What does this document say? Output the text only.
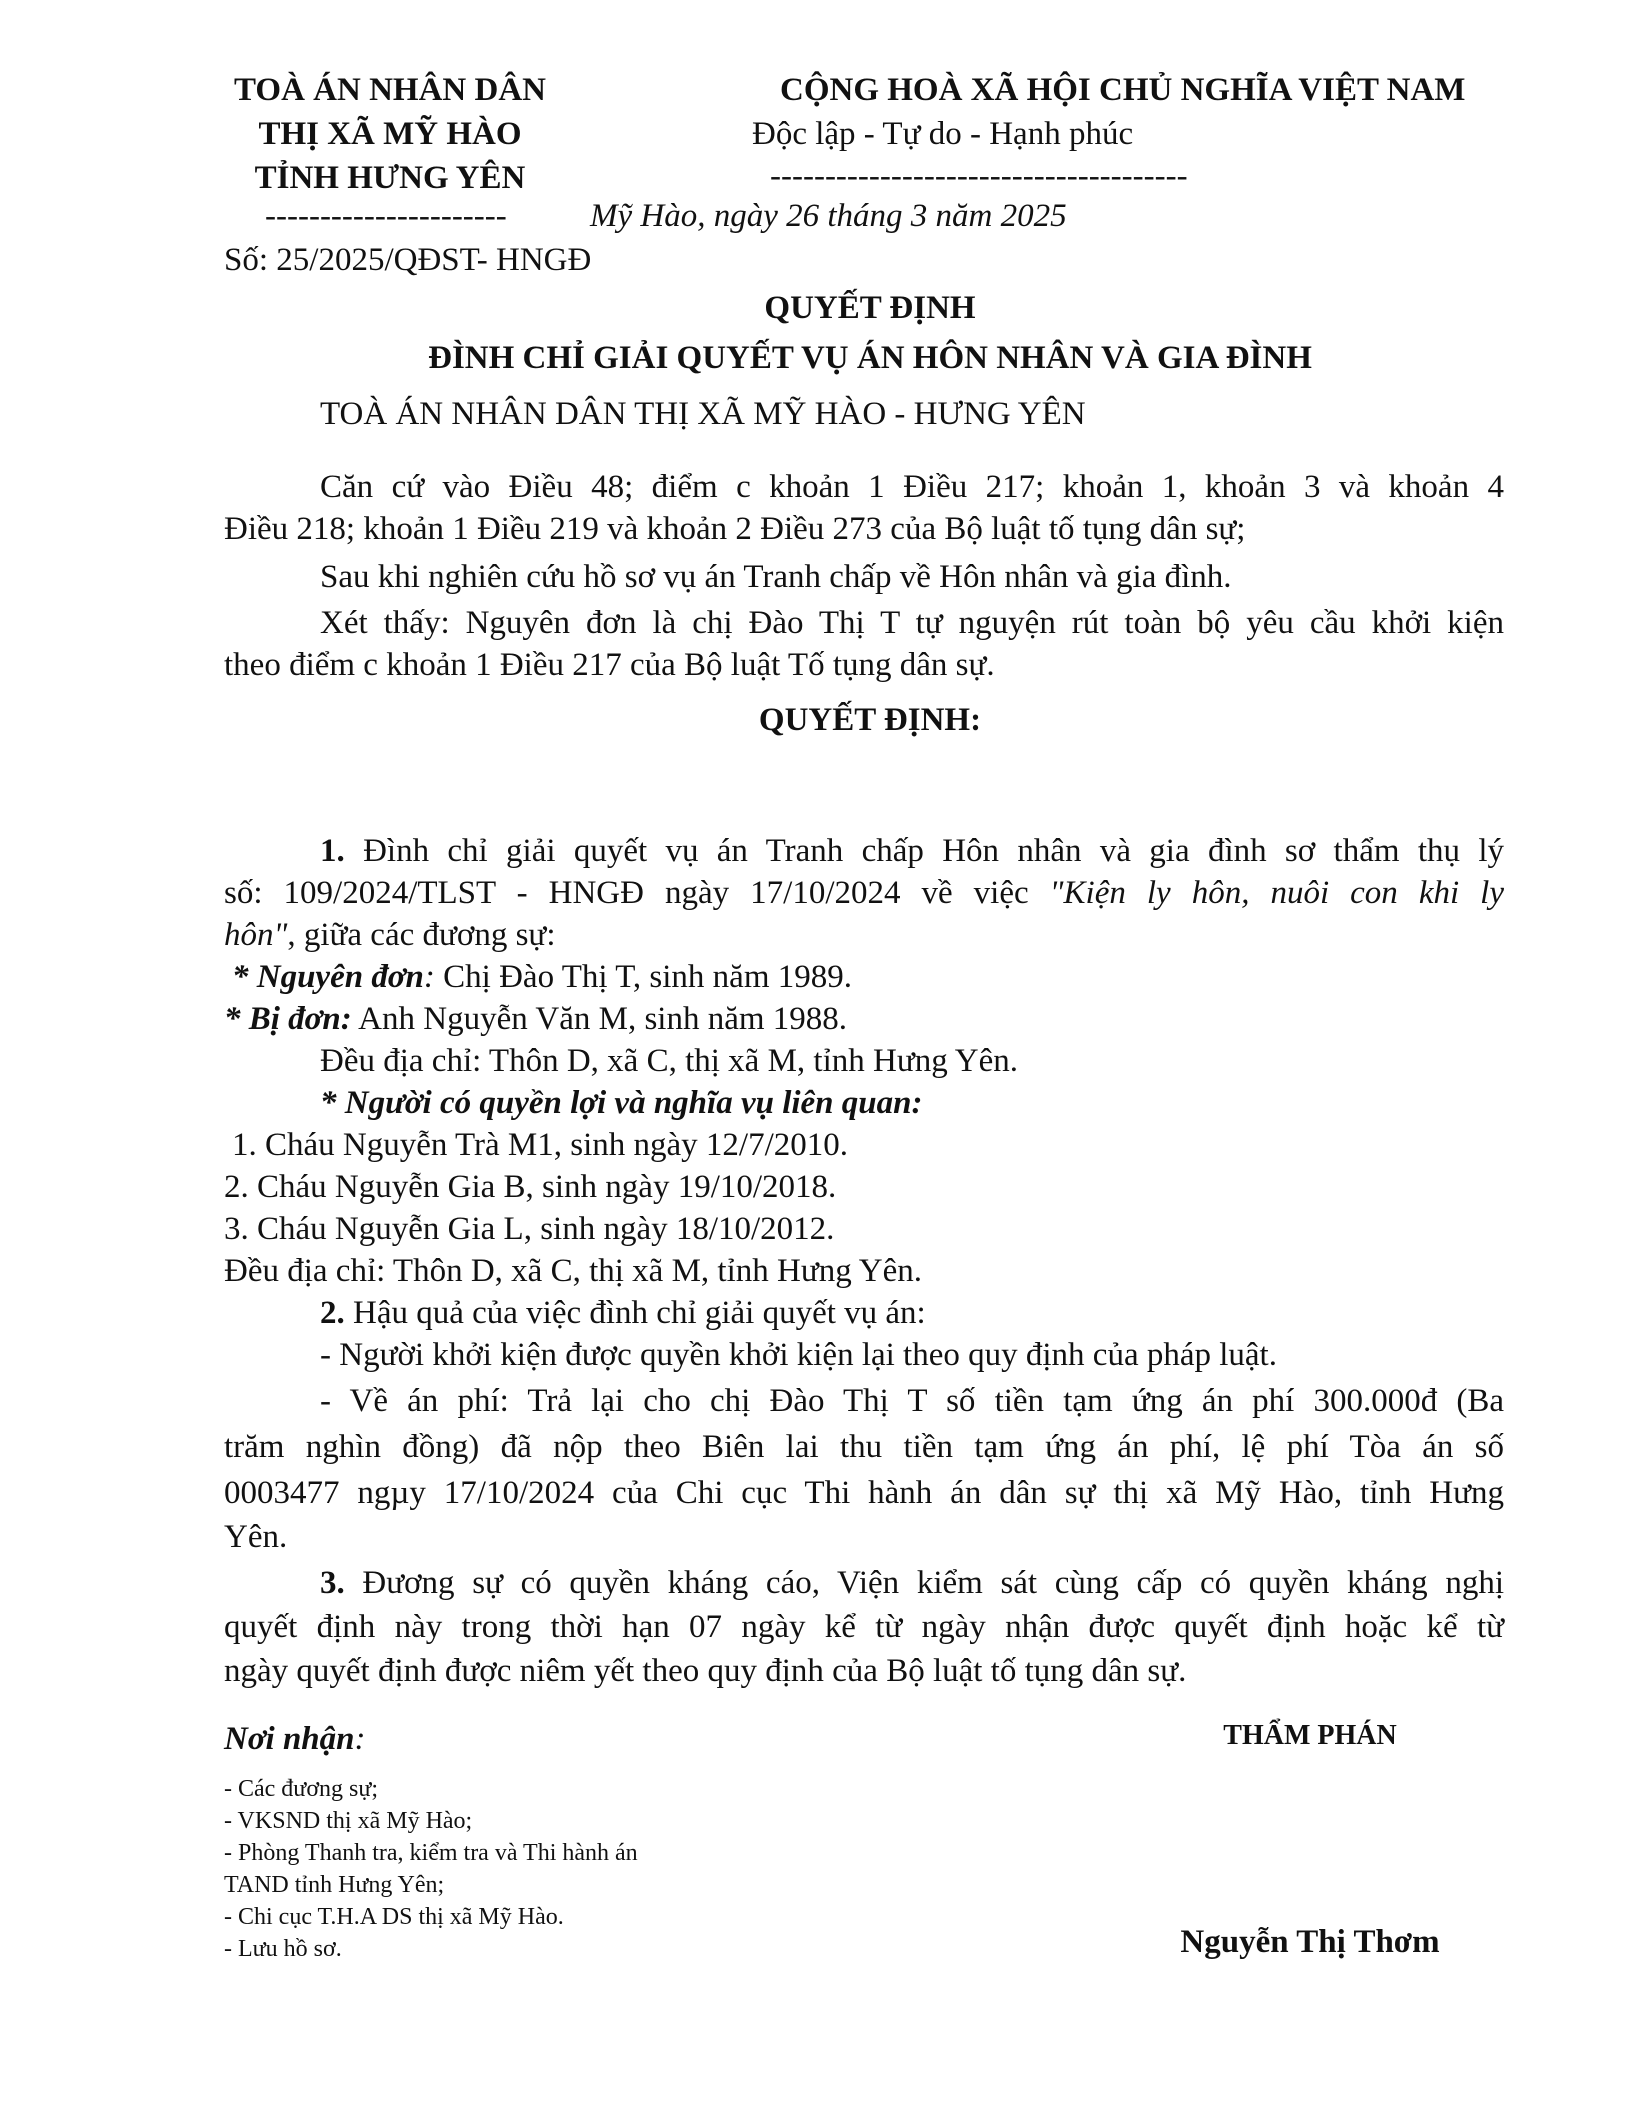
TOÀ ÁN NHÂN DÂN
THỊ XÃ MỸ HÀO
TỈNH HƯNG YÊN
----------------------
CỘNG HOÀ XÃ HỘI CHỦ NGHĨA VIỆT NAM
Độc lập - Tự do - Hạnh phúc
--------------------------------------
Mỹ Hào, ngày 26 tháng 3 năm 2025
Số: 25/2025/QĐST- HNGĐ
QUYẾT ĐỊNH
ĐÌNH CHỈ GIẢI QUYẾT VỤ ÁN HÔN NHÂN VÀ GIA ĐÌNH
TOÀ ÁN NHÂN DÂN THỊ XÃ MỸ HÀO - HƯNG YÊN
Căn cứ vào Điều 48; điểm c khoản 1 Điều 217; khoản 1, khoản 3 và khoản 4
Điều 218; khoản 1 Điều 219 và khoản 2 Điều 273 của Bộ luật tố tụng dân sự;
Sau khi nghiên cứu hồ sơ vụ án Tranh chấp về Hôn nhân và gia đình.
Xét thấy: Nguyên đơn là chị Đào Thị T tự nguyện rút toàn bộ yêu cầu khởi kiện
theo điểm c khoản 1 Điều 217 của Bộ luật Tố tụng dân sự.
QUYẾT ĐỊNH:
1. Đình chỉ giải quyết vụ án Tranh chấp Hôn nhân và gia đình sơ thẩm thụ lý
số: 109/2024/TLST - HNGĐ ngày 17/10/2024 về việc "Kiện ly hôn, nuôi con khi ly
hôn", giữa các đương sự:
* Nguyên đơn: Chị Đào Thị T, sinh năm 1989.
* Bị đơn: Anh Nguyễn Văn M, sinh năm 1988.
Đều địa chỉ: Thôn D, xã C, thị xã M, tỉnh Hưng Yên.
* Người có quyền lợi và nghĩa vụ liên quan:
1. Cháu Nguyễn Trà M1, sinh ngày 12/7/2010.
2. Cháu Nguyễn Gia B, sinh ngày 19/10/2018.
3. Cháu Nguyễn Gia L, sinh ngày 18/10/2012.
Đều địa chỉ: Thôn D, xã C, thị xã M, tỉnh Hưng Yên.
2. Hậu quả của việc đình chỉ giải quyết vụ án:
- Người khởi kiện được quyền khởi kiện lại theo quy định của pháp luật.
- Về án phí: Trả lại cho chị Đào Thị T số tiền tạm ứng án phí 300.000đ (Ba
trăm nghìn đồng) đã nộp theo Biên lai thu tiền tạm ứng án phí, lệ phí Tòa án số
0003477 ngµy 17/10/2024 của Chi cục Thi hành án dân sự thị xã Mỹ Hào, tỉnh Hưng
Yên.
3. Đương sự có quyền kháng cáo, Viện kiểm sát cùng cấp có quyền kháng nghị
quyết định này trong thời hạn 07 ngày kể từ ngày nhận được quyết định hoặc kể từ
ngày quyết định được niêm yết theo quy định của Bộ luật tố tụng dân sự.
Nơi nhận:
- Các đương sự;
- VKSND thị xã Mỹ Hào;
- Phòng Thanh tra, kiểm tra và Thi hành án
TAND tỉnh Hưng Yên;
- Chi cục T.H.A DS thị xã Mỹ Hào.
- Lưu hồ sơ.
THẨM PHÁN
Nguyễn Thị Thơm
